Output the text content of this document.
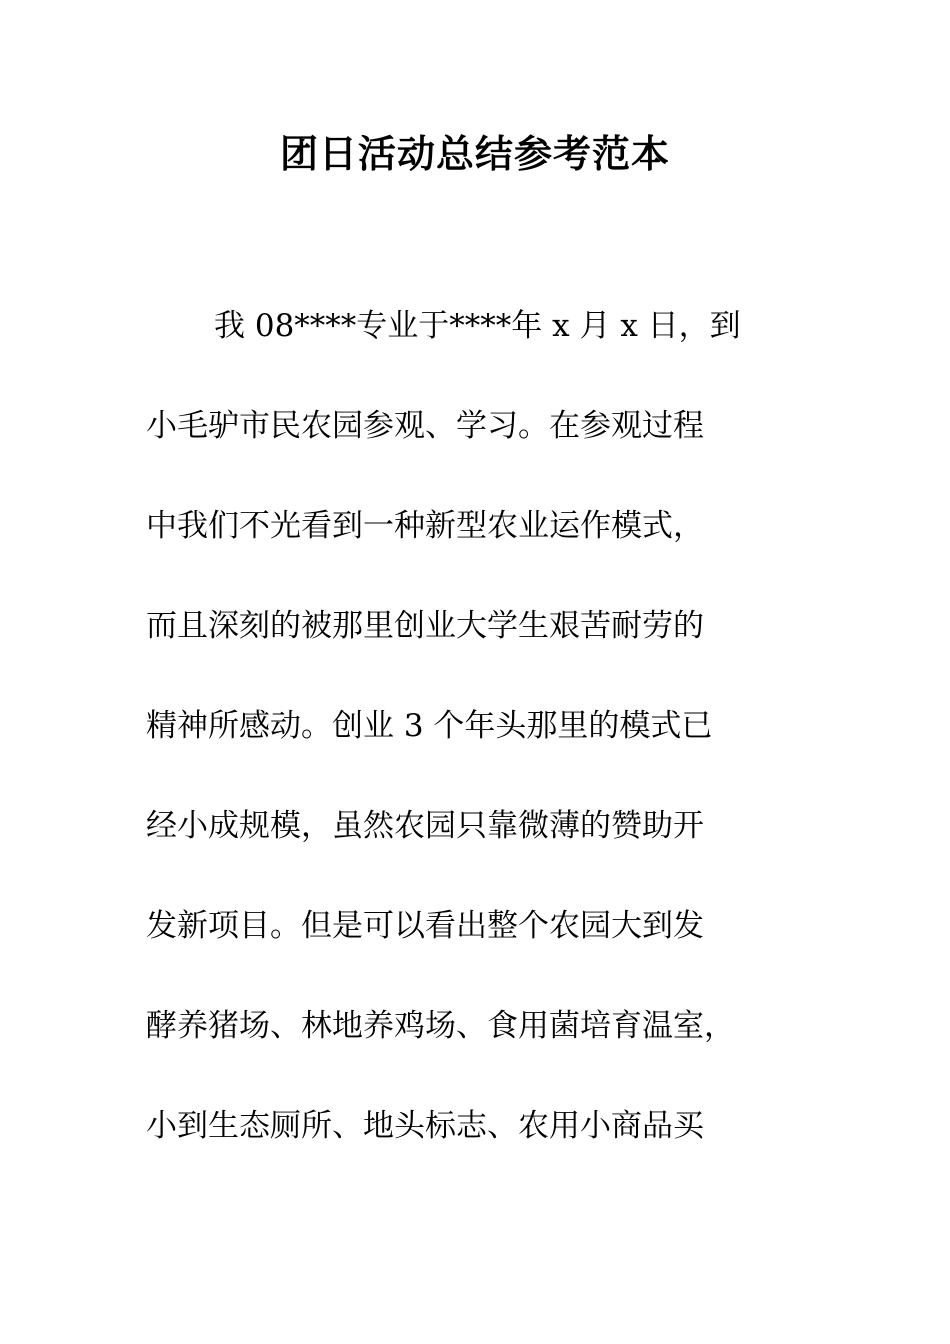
团日活动总结参考范本
我 08****专业于****年 x 月 x 日，到
小毛驴市民农园参观、学习。在参观过程
中我们不光看到一种新型农业运作模式，
而且深刻的被那里创业大学生艰苦耐劳的
精神所感动。创业 3 个年头那里的模式已
经小成规模，虽然农园只靠微薄的赞助开
发新项目。但是可以看出整个农园大到发
酵养猪场、林地养鸡场、食用菌培育温室，
小到生态厕所、地头标志、农用小商品买
